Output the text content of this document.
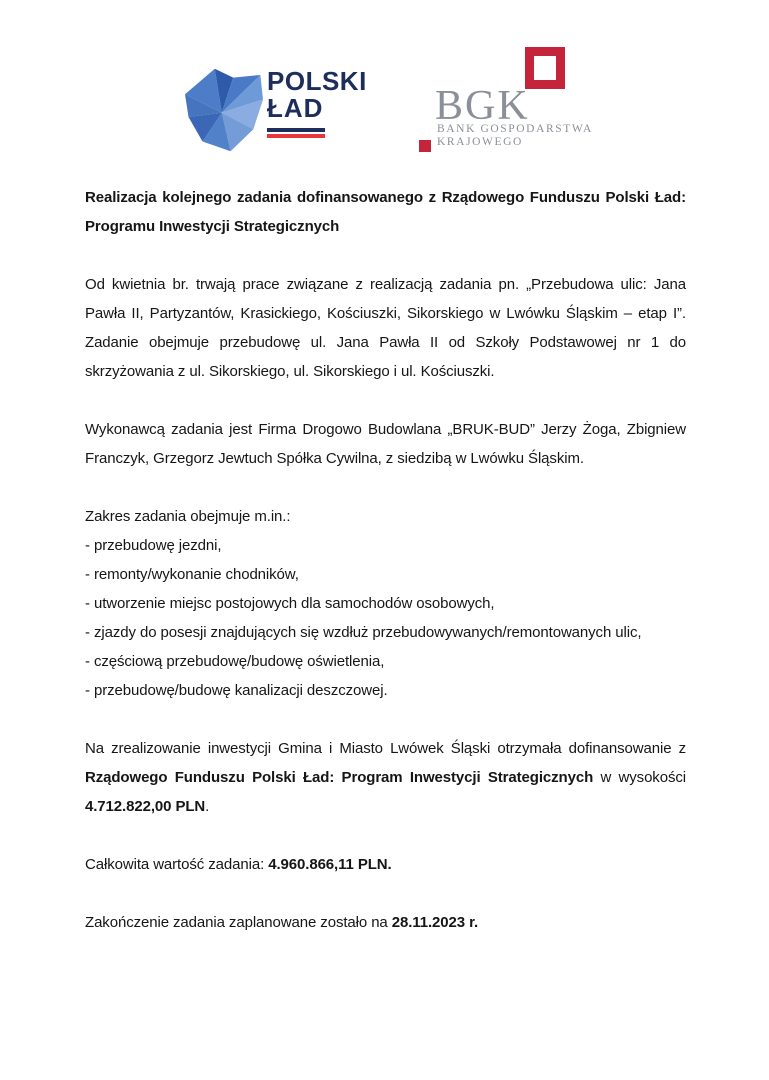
POLSKI
ŁAD	BGK
BANK GOSPODARSTWA
KRAJOWEGO
Realizacja kolejnego zadania dofinansowanego z Rządowego Funduszu Polski Ład: Programu Inwestycji Strategicznych
Od kwietnia br. trwają prace związane z realizacją zadania pn. „Przebudowa ulic: Jana Pawła II, Partyzantów, Krasickiego, Kościuszki, Sikorskiego w Lwówku Śląskim – etap I”. Zadanie obejmuje przebudowę ul. Jana Pawła II od Szkoły Podstawowej nr 1 do skrzyżowania z ul. Sikorskiego, ul. Sikorskiego i ul. Kościuszki.
Wykonawcą zadania jest Firma Drogowo Budowlana „BRUK-BUD” Jerzy Żoga, Zbigniew Franczyk, Grzegorz Jewtuch Spółka Cywilna, z siedzibą w Lwówku Śląskim.
Zakres zadania obejmuje m.in.:
- przebudowę jezdni,
- remonty/wykonanie chodników,
- utworzenie miejsc postojowych dla samochodów osobowych,
- zjazdy do posesji znajdujących się wzdłuż przebudowywanych/remontowanych ulic,
- częściową przebudowę/budowę oświetlenia,
- przebudowę/budowę kanalizacji deszczowej.
Na zrealizowanie inwestycji Gmina i Miasto Lwówek Śląski otrzymała dofinansowanie z Rządowego Funduszu Polski Ład: Program Inwestycji Strategicznych w wysokości 4.712.822,00 PLN.
Całkowita wartość zadania: 4.960.866,11 PLN.
Zakończenie zadania zaplanowane zostało na 28.11.2023 r.
